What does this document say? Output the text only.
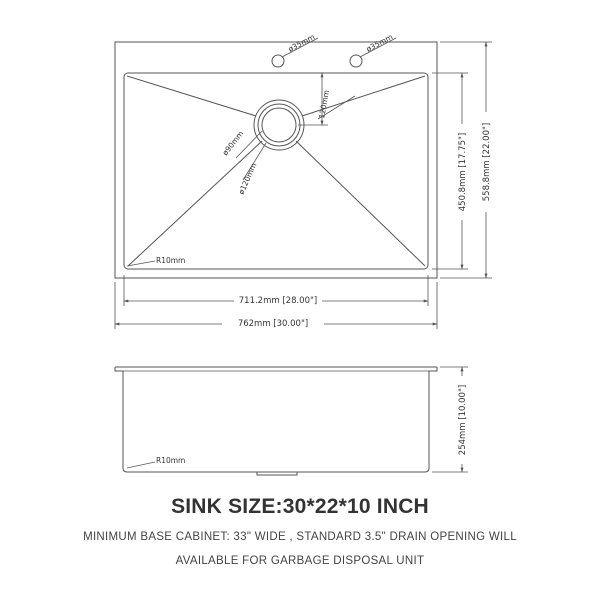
ø35mm	ø35mm
120mm
ø90mm
ø120mm
R10mm
711.2mm [28.00"]
762mm [30.00"]
450.8mm [17.75"] 558.8mm [22.00"]
R10mm
254mm [10.00"]
SINK SIZE:30*22*10 INCH
MINIMUM BASE CABINET: 33" WIDE , STANDARD 3.5" DRAIN OPENING WILL
AVAILABLE FOR GARBAGE DISPOSAL UNIT
